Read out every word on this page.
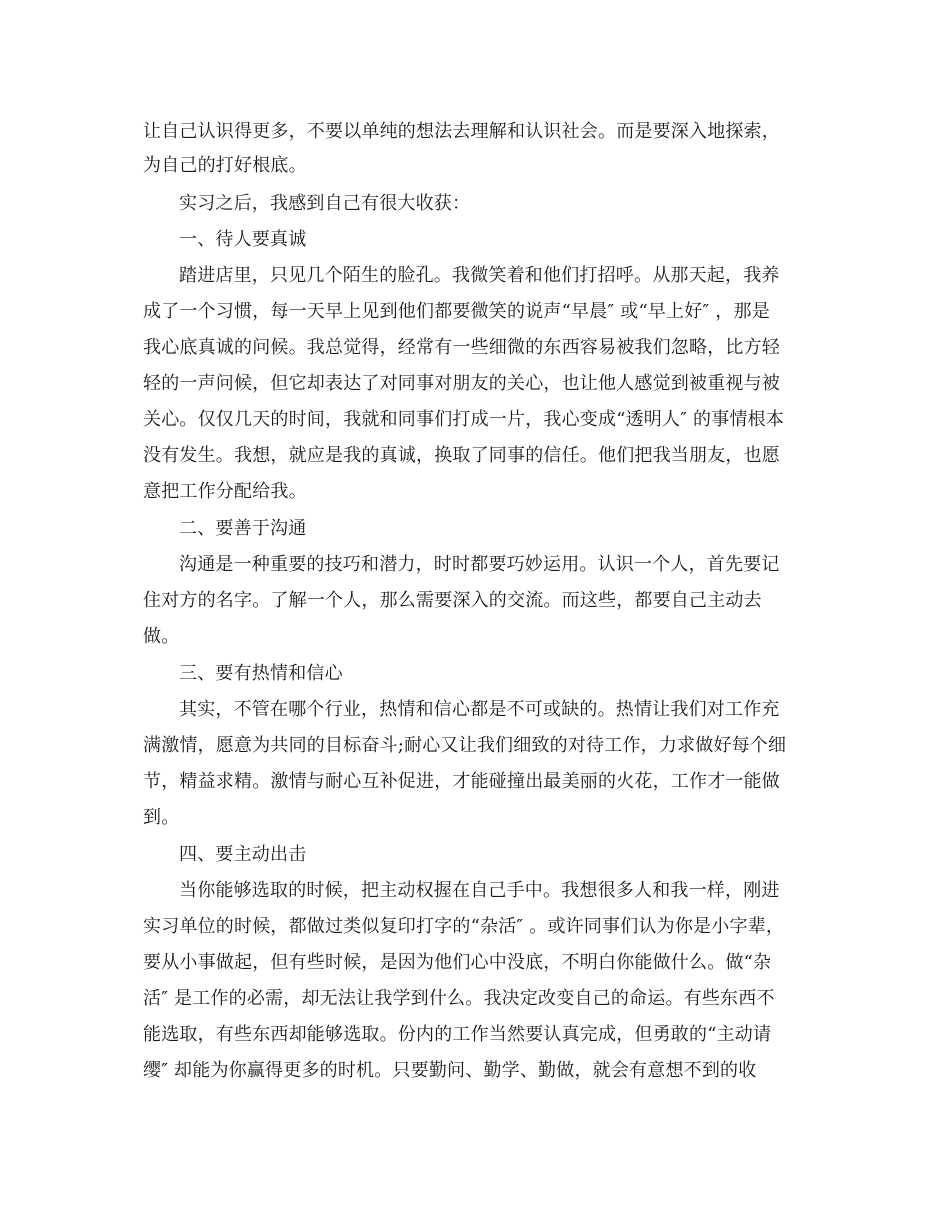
让自己认识得更多，不要以单纯的想法去理解和认识社会。而是要深入地探索，
为自己的打好根底。
实习之后，我感到自己有很大收获：
一、待人要真诚
踏进店里，只见几个陌生的脸孔。我微笑着和他们打招呼。从那天起，我养
成了一个习惯，每一天早上见到他们都要微笑的说声“早晨″ 或“早上好″ ，那是
我心底真诚的问候。我总觉得，经常有一些细微的东西容易被我们忽略，比方轻
轻的一声问候，但它却表达了对同事对朋友的关心，也让他人感觉到被重视与被
关心。仅仅几天的时间，我就和同事们打成一片，我心变成“透明人″ 的事情根本
没有发生。我想，就应是我的真诚，换取了同事的信任。他们把我当朋友，也愿
意把工作分配给我。
二、要善于沟通
沟通是一种重要的技巧和潜力，时时都要巧妙运用。认识一个人，首先要记
住对方的名字。了解一个人，那么需要深入的交流。而这些，都要自己主动去
做。
三、要有热情和信心
其实，不管在哪个行业，热情和信心都是不可或缺的。热情让我们对工作充
满激情，愿意为共同的目标奋斗;耐心又让我们细致的对待工作，力求做好每个细
节，精益求精。激情与耐心互补促进，才能碰撞出最美丽的火花，工作才一能做
到。
四、要主动出击
当你能够选取的时候，把主动权握在自己手中。我想很多人和我一样，刚进
实习单位的时候，都做过类似复印打字的“杂活″ 。或许同事们认为你是小字辈，
要从小事做起，但有些时候，是因为他们心中没底，不明白你能做什么。做“杂
活″ 是工作的必需，却无法让我学到什么。我决定改变自己的命运。有些东西不
能选取，有些东西却能够选取。份内的工作当然要认真完成，但勇敢的“主动请
缨″ 却能为你赢得更多的时机。只要勤问、勤学、勤做，就会有意想不到的收
